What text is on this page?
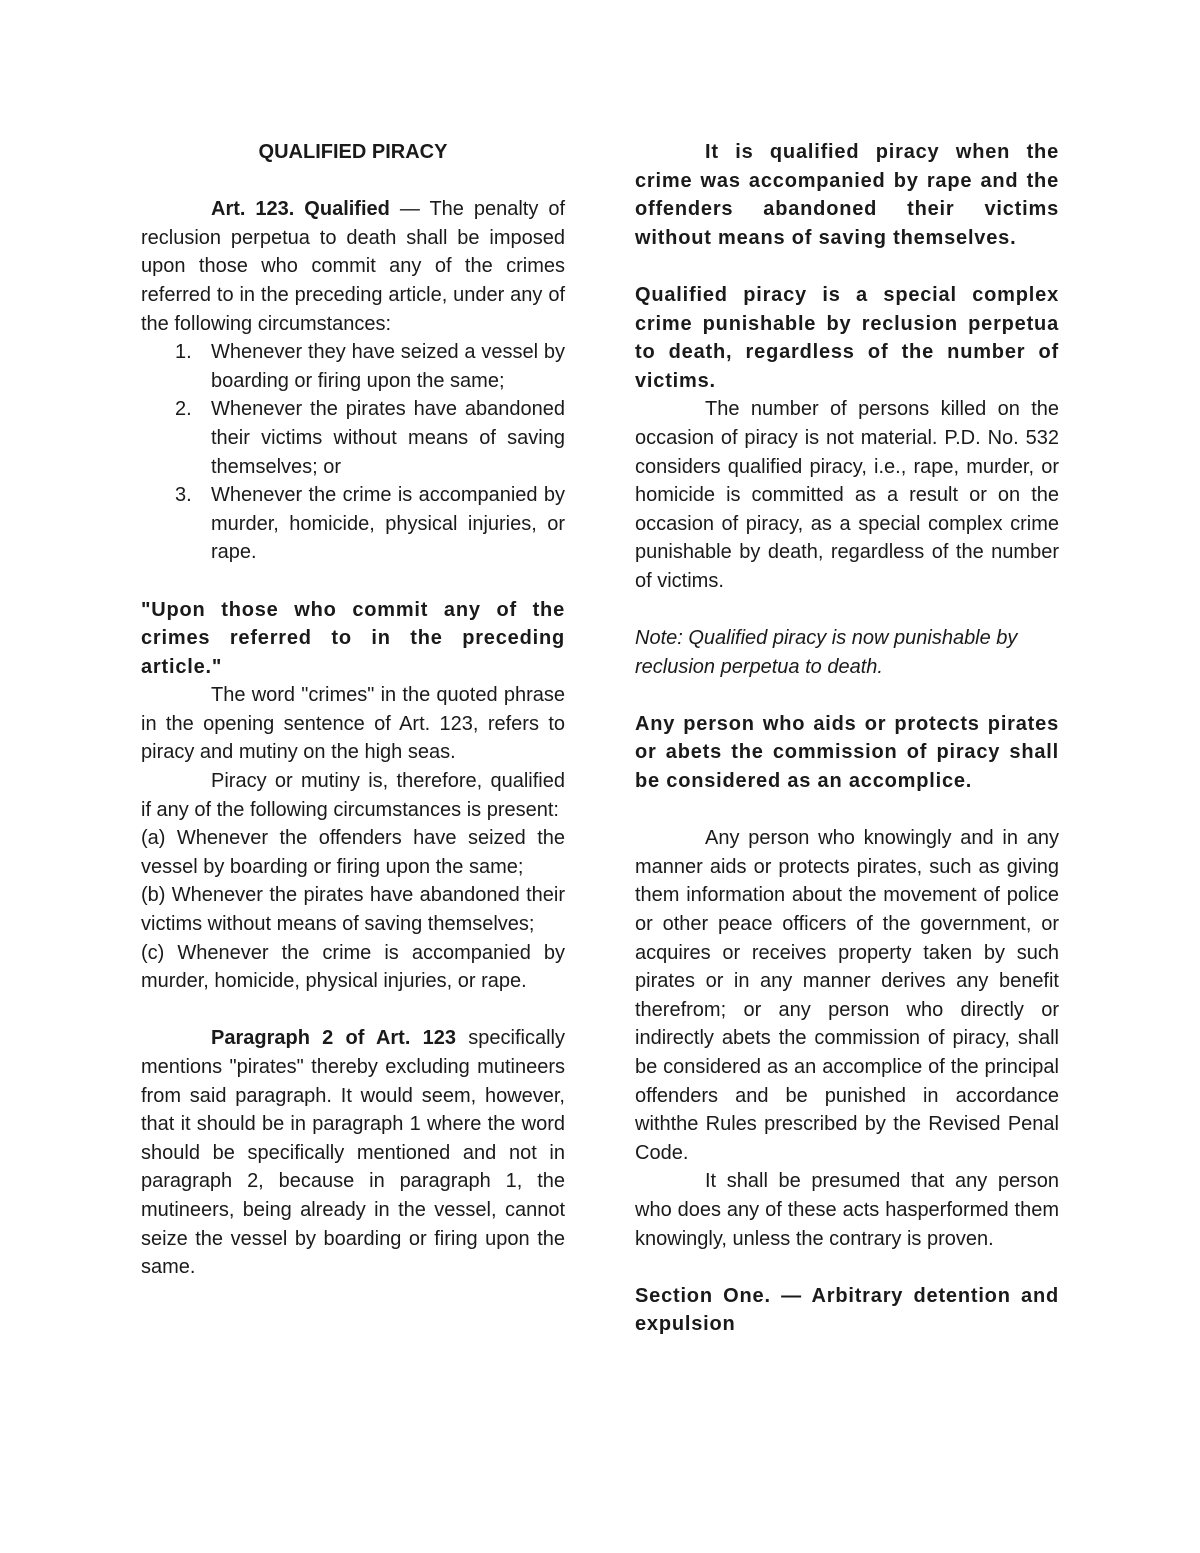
QUALIFIED PIRACY

Art. 123. Qualified — The penalty of reclusion perpetua to death shall be imposed upon those who commit any of the crimes referred to in the preceding article, under any of the following circumstances:

1. Whenever they have seized a vessel by boarding or firing upon the same;
2. Whenever the pirates have abandoned their victims without means of saving themselves; or
3. Whenever the crime is accompanied by murder, homicide, physical injuries, or rape.

"Upon those who commit any of the crimes referred to in the preceding article."

The word "crimes" in the quoted phrase in the opening sentence of Art. 123, refers to piracy and mutiny on the high seas.

Piracy or mutiny is, therefore, qualified if any of the following circumstances is present:

(a) Whenever the offenders have seized the vessel by boarding or firing upon the same;

(b) Whenever the pirates have abandoned their victims without means of saving themselves;

(c) Whenever the crime is accompanied by murder, homicide, physical injuries, or rape.

Paragraph 2 of Art. 123 specifically mentions "pirates" thereby excluding mutineers from said paragraph. It would seem, however, that it should be in paragraph 1 where the word should be specifically mentioned and not in paragraph 2, because in paragraph 1, the mutineers, being already in the vessel, cannot seize the vessel by boarding or firing upon the same.

It is qualified piracy when the crime was accompanied by rape and the offenders abandoned their victims without means of saving themselves.

Qualified piracy is a special complex crime punishable by reclusion perpetua to death, regardless of the number of victims.

The number of persons killed on the occasion of piracy is not material. P.D. No. 532 considers qualified piracy, i.e., rape, murder, or homicide is committed as a result or on the occasion of piracy, as a special complex crime punishable by death, regardless of the number of victims.

Note: Qualified piracy is now punishable by reclusion perpetua to death.

Any person who aids or protects pirates or abets the commission of piracy shall be considered as an accomplice.

Any person who knowingly and in any manner aids or protects pirates, such as giving them information about the movement of police or other peace officers of the government, or acquires or receives property taken by such pirates or in any manner derives any benefit therefrom; or any person who directly or indirectly abets the commission of piracy, shall be considered as an accomplice of the principal offenders and be punished in accordance withthe Rules prescribed by the Revised Penal Code.

It shall be presumed that any person who does any of these acts hasperformed them knowingly, unless the contrary is proven.

Section One. — Arbitrary detention and expulsion
